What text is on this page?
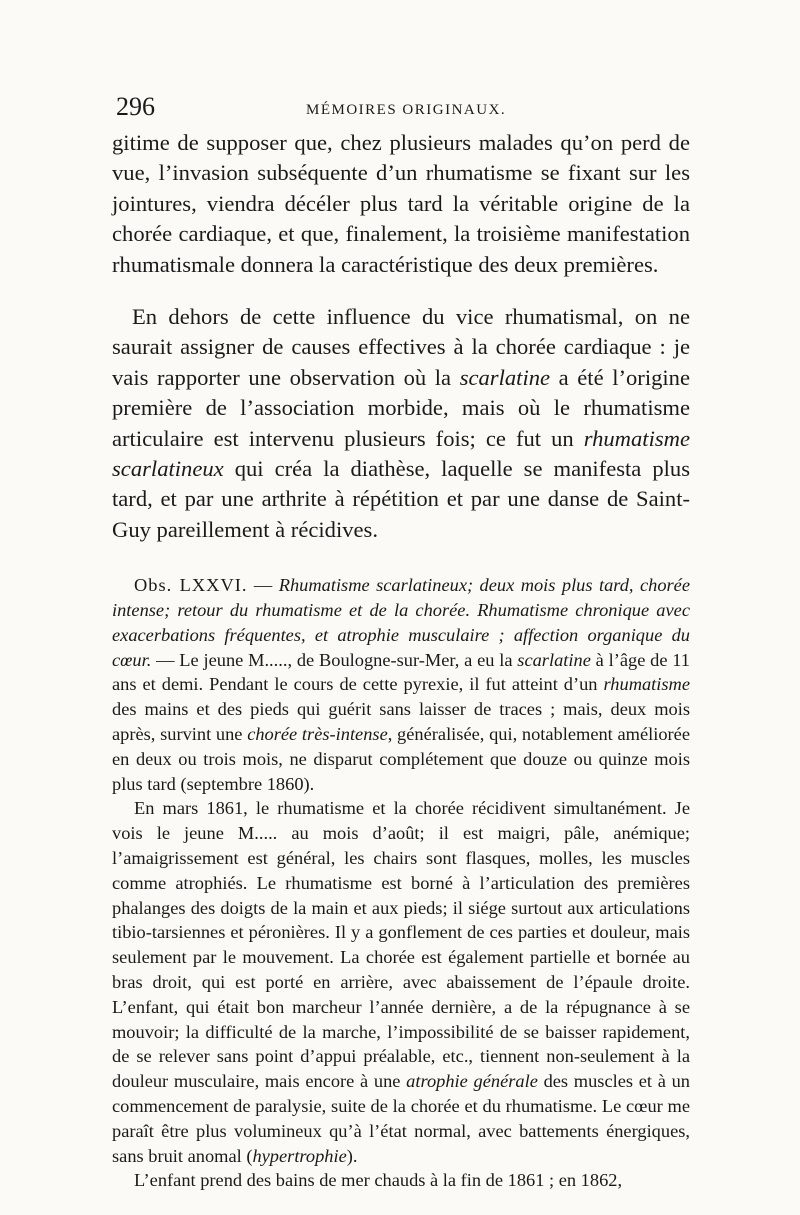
296	MÉMOIRES ORIGINAUX.

gitime de supposer que, chez plusieurs malades qu’on perd de vue, l’invasion subséquente d’un rhumatisme se fixant sur les jointures, viendra décéler plus tard la véritable origine de la chorée cardiaque, et que, finalement, la troisième manifestation rhumatismale donnera la caractéristique des deux premières.

En dehors de cette influence du vice rhumatismal, on ne saurait assigner de causes effectives à la chorée cardiaque : je vais rapporter une observation où la scarlatine a été l’origine première de l’association morbide, mais où le rhumatisme articulaire est intervenu plusieurs fois; ce fut un rhumatisme scarlatineux qui créa la diathèse, laquelle se manifesta plus tard, et par une arthrite à répétition et par une danse de Saint-Guy pareillement à récidives.

Obs. LXXVI. — Rhumatisme scarlatineux; deux mois plus tard, chorée intense; retour du rhumatisme et de la chorée. Rhumatisme chronique avec exacerbations fréquentes, et atrophie musculaire ; affection organique du cœur. — Le jeune M....., de Boulogne-sur-Mer, a eu la scarlatine à l’âge de 11 ans et demi. Pendant le cours de cette pyrexie, il fut atteint d’un rhumatisme des mains et des pieds qui guérit sans laisser de traces ; mais, deux mois après, survint une chorée très-intense, généralisée, qui, notablement améliorée en deux ou trois mois, ne disparut complétement que douze ou quinze mois plus tard (septembre 1860).

En mars 1861, le rhumatisme et la chorée récidivent simultanément. Je vois le jeune M..... au mois d’août; il est maigri, pâle, anémique; l’amaigrissement est général, les chairs sont flasques, molles, les muscles comme atrophiés. Le rhumatisme est borné à l’articulation des premières phalanges des doigts de la main et aux pieds; il siége surtout aux articulations tibio-tarsiennes et péronières. Il y a gonflement de ces parties et douleur, mais seulement par le mouvement. La chorée est également partielle et bornée au bras droit, qui est porté en arrière, avec abaissement de l’épaule droite. L’enfant, qui était bon marcheur l’année dernière, a de la répugnance à se mouvoir; la difficulté de la marche, l’impossibilité de se baisser rapidement, de se relever sans point d’appui préalable, etc., tiennent non-seulement à la douleur musculaire, mais encore à une atrophie générale des muscles et à un commencement de paralysie, suite de la chorée et du rhumatisme. Le cœur me paraît être plus volumineux qu’à l’état normal, avec battements énergiques, sans bruit anomal (hypertrophie).

L’enfant prend des bains de mer chauds à la fin de 1861 ; en 1862,
